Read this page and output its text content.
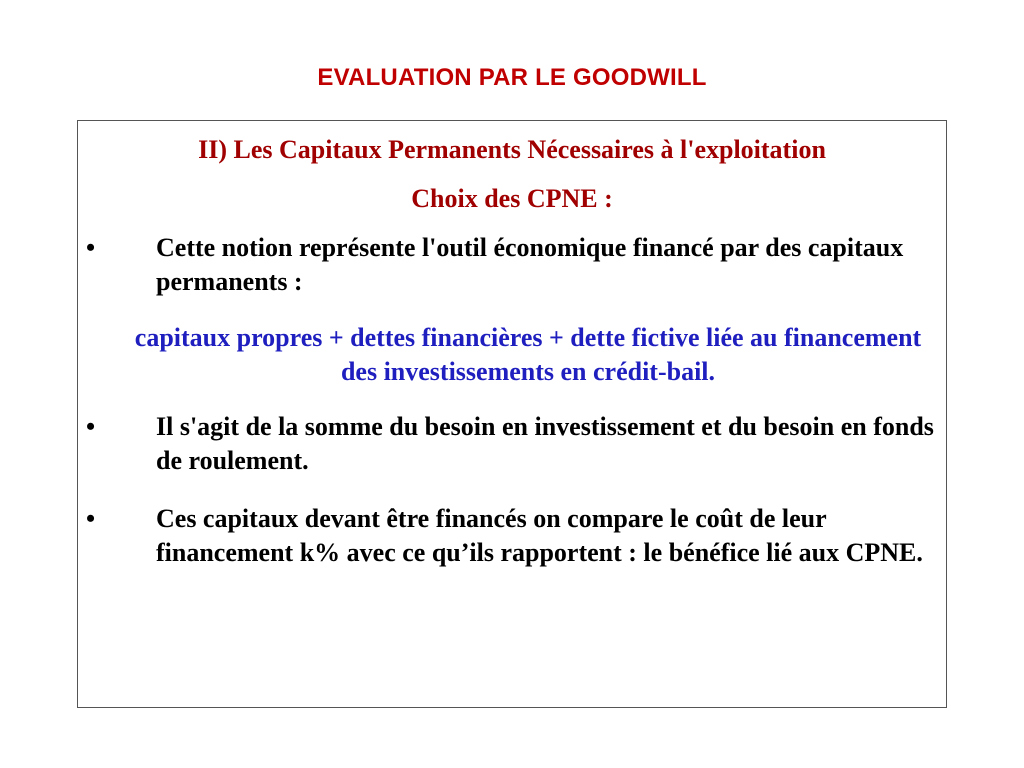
EVALUATION PAR LE GOODWILL

II) Les Capitaux Permanents Nécessaires à l'exploitation

Choix des CPNE :

• Cette notion représente l'outil économique financé par des capitaux permanents :

capitaux propres + dettes financières + dette fictive liée au financement des investissements en crédit-bail.

• Il s'agit de la somme du besoin en investissement et du besoin en fonds de roulement.

• Ces capitaux devant être financés on compare le coût de leur financement k% avec ce qu’ils rapportent : le bénéfice lié aux CPNE.
